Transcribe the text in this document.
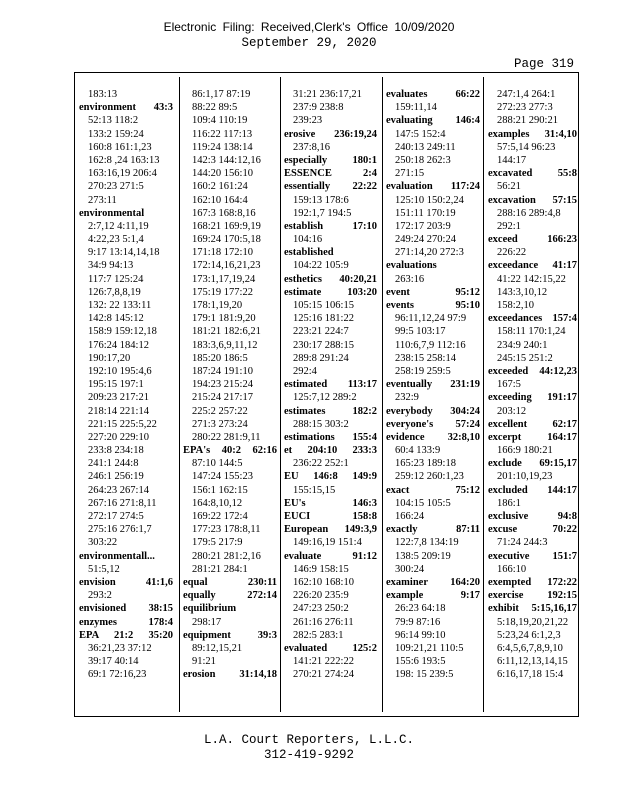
Electronic Filing: Received,Clerk's Office 10/09/2020
September 29, 2020
Page 319
183:13
environment 43:3
52:13 118:2
133:2 159:24
160:8 161:1,23
162:8 ,24 163:13
163:16,19 206:4
270:23 271:5
273:11
environmental
2:7,12 4:11,19
4:22,23 5:1,4
9:17 13:14,14,18
34:9 94:13
117:7 125:24
126:7,8,8,19
132: 22 133:11
142:8 145:12
158:9 159:12,18
176:24 184:12
190:17,20
192:10 195:4,6
195:15 197:1
209:23 217:21
218:14 221:14
221:15 225:5,22
227:20 229:10
233:8 234:18
241:1 244:8
246:1 256:19
264:23 267:14
267:16 271:8,11
272:17 274:5
275:16 276:1,7
303:22
environmentall...
51:5,12
envision 41:1,6
293:2
envisioned 38:15
enzymes 178:4
EPA 21:2 35:20
36:21,23 37:12
39:17 40:14
69:1 72:16,23
86:1,17 87:19
88:22 89:5
109:4 110:19
116:22 117:13
119:24 138:14
142:3 144:12,16
144:20 156:10
160:2 161:24
162:10 164:4
167:3 168:8,16
168:21 169:9,19
169:24 170:5,18
171:18 172:10
172:14,16,21,23
173:1,17,19,24
175:19 177:22
178:1,19,20
179:1 181:9,20
181:21 182:6,21
183:3,6,9,11,12
185:20 186:5
187:24 191:10
194:23 215:24
215:24 217:17
225:2 257:22
271:3 273:24
280:22 281:9,11
EPA's 40:2 62:16
87:10 144:5
147:24 155:23
156:1 162:15
164:8,10,12
169:22 172:4
177:23 178:8,11
179:5 217:9
280:21 281:2,16
281:21 284:1
equal 230:11
equally 272:14
equilibrium
298:17
equipment 39:3
89:12,15,21
91:21
erosion 31:14,18
31:21 236:17,21
237:9 238:8
239:23
erosive 236:19,24
237:8,16
especially 180:1
ESSENCE 2:4
essentially 22:22
159:13 178:6
192:1,7 194:5
establish 17:10
104:16
established
104:22 105:9
esthetics 40:20,21
estimate 103:20
105:15 106:15
125:16 181:22
223:21 224:7
230:17 288:15
289:8 291:24
292:4
estimated 113:17
125:7,12 289:2
estimates 182:2
288:15 303:2
estimations 155:4
et 204:10 233:3
236:22 252:1
EU 146:8 149:9
155:15,15
EU's 146:3
EUCI 158:8
European 149:3,9
149:16,19 151:4
evaluate 91:12
146:9 158:15
162:10 168:10
226:20 235:9
247:23 250:2
261:16 276:11
282:5 283:1
evaluated 125:2
141:21 222:22
270:21 274:24
evaluates 66:22
159:11,14
evaluating 146:4
147:5 152:4
240:13 249:11
250:18 262:3
271:15
evaluation 117:24
125:10 150:2,24
151:11 170:19
172:17 203:9
249:24 270:24
271:14,20 272:3
evaluations
263:16
event 95:12
events 95:10
96:11,12,24 97:9
99:5 103:17
110:6,7,9 112:16
238:15 258:14
258:19 259:5
eventually 231:19
232:9
everybody 304:24
everyone's 57:24
evidence 32:8,10
60:4 133:9
165:23 189:18
259:12 260:1,23
exact 75:12
104:15 105:5
166:24
exactly 87:11
122:7,8 134:19
138:5 209:19
300:24
examiner 164:20
example 9:17
26:23 64:18
79:9 87:16
96:14 99:10
109:21,21 110:5
155:6 193:5
198: 15 239:5
247:1,4 264:1
272:23 277:3
288:21 290:21
examples 31:4,10
57:5,14 96:23
144:17
excavated 55:8
56:21
excavation 57:15
288:16 289:4,8
292:1
exceed 166:23
226:22
exceedance 41:17
41:22 142:15,22
143:3,10,12
158:2,10
exceedances 157:4
158:11 170:1,24
234:9 240:1
245:15 251:2
exceeded 44:12,23
167:5
exceeding 191:17
203:12
excellent 62:17
excerpt 164:17
166:9 180:21
exclude 69:15,17
201:10,19,23
excluded 144:17
186:1
exclusive 94:8
excuse 70:22
71:24 244:3
executive 151:7
166:10
exempted 172:22
exercise 192:15
exhibit 5:15,16,17
5:18,19,20,21,22
5:23,24 6:1,2,3
6:4,5,6,7,8,9,10
6:11,12,13,14,15
6:16,17,18 15:4
L.A. Court Reporters, L.L.C.
312-419-9292
